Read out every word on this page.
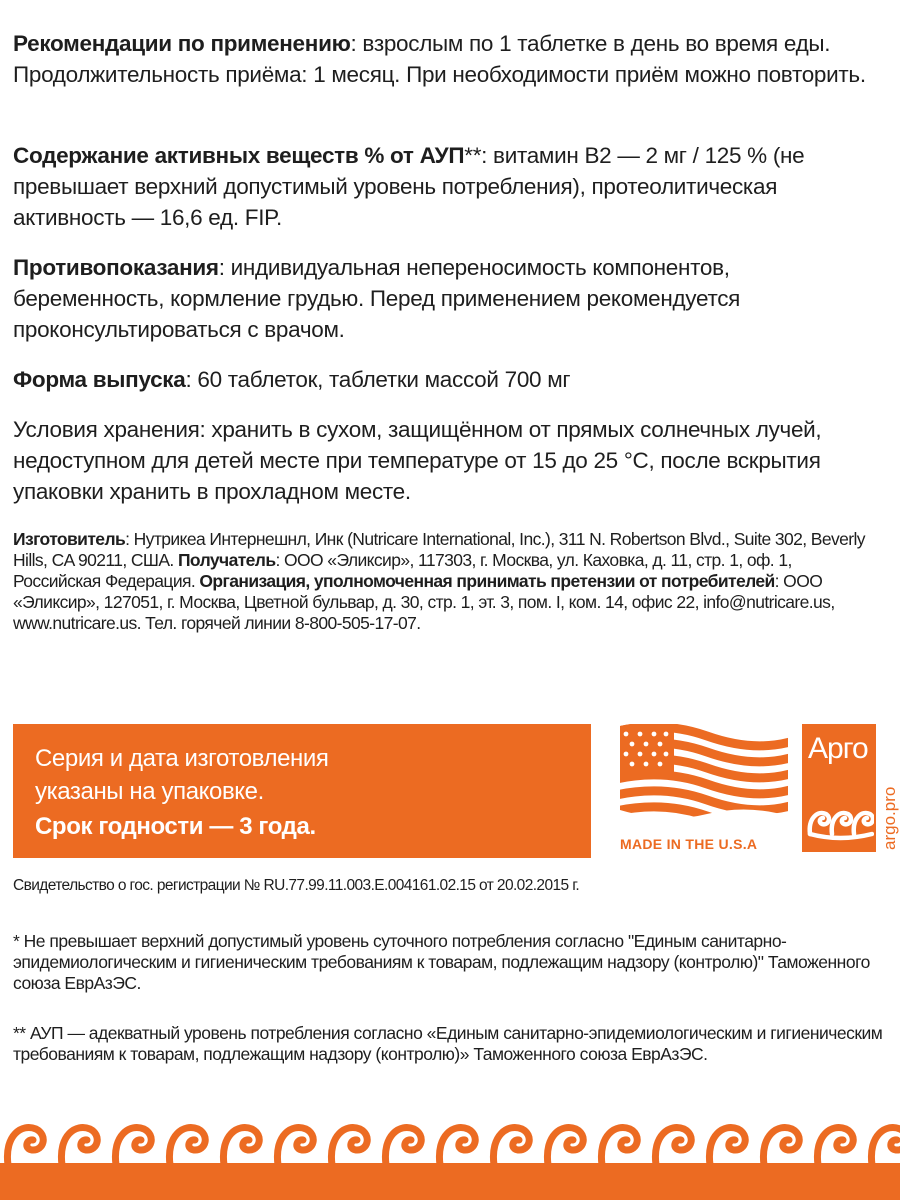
Рекомендации по применению: взрослым по 1 таблетке в день во время еды. Продолжительность приёма: 1 месяц. При необходимости приём можно повторить.
Содержание активных веществ % от АУП**: витамин B2 — 2 мг / 125 % (не превышает верхний допустимый уровень потребления), протеолитическая активность — 16,6 ед. FIP.
Противопоказания: индивидуальная непереносимость компонентов, беременность, кормление грудью. Перед применением рекомендуется проконсультироваться с врачом.
Форма выпуска: 60 таблеток, таблетки массой 700 мг
Условия хранения: хранить в сухом, защищённом от прямых солнечных лучей, недоступном для детей месте при температуре от 15 до 25 °С, после вскрытия упаковки хранить в прохладном месте.
Изготовитель: Нутрикеа Интернешнл, Инк (Nutricare International, Inc.), 311 N. Robertson Blvd., Suite 302, Beverly Hills, CA 90211, США. Получатель: ООО «Эликсир», 117303, г. Москва, ул. Каховка, д. 11, стр. 1, оф. 1, Российская Федерация. Организация, уполномоченная принимать претензии от потребителей: ООО «Эликсир», 127051, г. Москва, Цветной бульвар, д. 30, стр. 1, эт. 3, пом. I, ком. 14, офис 22, info@nutricare.us, www.nutricare.us. Тел. горячей линии 8-800-505-17-07.
Серия и дата изготовления
указаны на упаковке.
Срок годности — 3 года.
MADE IN THE U.S.A
Арго
argo.pro
Свидетельство о гос. регистрации № RU.77.99.11.003.E.004161.02.15 от 20.02.2015 г.
* Не превышает верхний допустимый уровень суточного потребления согласно "Единым санитарно-эпидемиологическим и гигиеническим требованиям к товарам, подлежащим надзору (контролю)" Таможенного союза ЕврАзЭС.
** АУП — адекватный уровень потребления согласно «Единым санитарно-эпидемиологическим и гигиеническим требованиям к товарам, подлежащим надзору (контролю)» Таможенного союза ЕврАзЭС.
